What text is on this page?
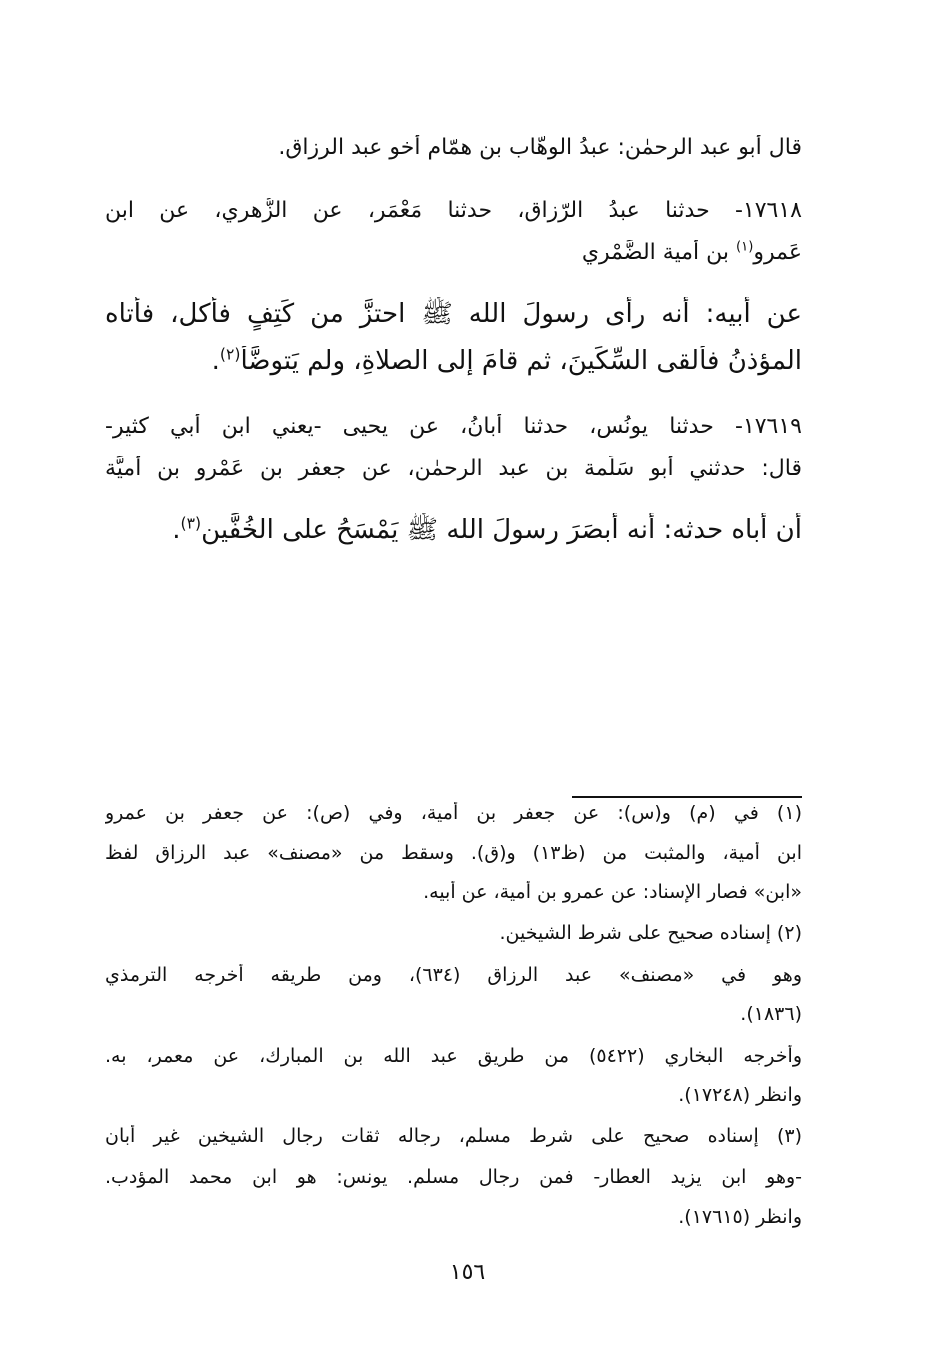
قال أبو عبد الرحمٰن: عبدُ الوهّاب بن همّام أخو عبد الرزاق.
١٧٦١٨- حدثنا عبدُ الرّزاق، حدثنا مَعْمَر، عن الزُّهري، عن ابن
عَمرو$^{(١)}$ بن أُمية الضَّمْري
عن أبيه: أنه رأى رسولَ الله ﷺ احتزَّ من كَتِفٍ فأكل، فأتاه
المؤذنُ فألقى السِّكِّينَ، ثم قامَ إلى الصلاةِ، ولم يَتوضَّأْ$^{(٢)}$.
١٧٦١٩- حدثنا يونُس، حدثنا أَبانُ، عن يحيى -يعني ابن أبي كثيرٍ-
قال: حدثني أبو سَلَمة بن عبد الرحمٰن، عن جعفر بن عَمْرو بن أُميَّة
أن أباه حدثه: أنه أَبصَرَ رسولَ الله ﷺ يَمْسَحُ على الخُفَّين$^{(٣)}$.
(١) في (م) و(س): عن جعفر بن أمية، وفي (ص): عن جعفر بن عمرو
ابن أمية، والمثبت من (ظ١٣) و(ق). وسقط من «مصنف» عبد الرزاق لفظ
«ابن» فصار الإسناد: عن عمرو بن أمية، عن أبيه.
(٢) إسناده صحيح على شرط الشيخين.
وهو في «مصنف» عبد الرزاق (٦٣٤)، ومن طريقه أخرجه الترمذي
(١٨٣٦).
وأخرجه البخاري (٥٤٢٢) من طريق عبد الله بن المبارك، عن معمر، به.
وانظر (١٧٢٤٨).
(٣) إسناده صحيح على شرط مسلم، رجاله ثقات رجال الشيخين غير أبان
-وهو ابن يزيد العطار- فمن رجال مسلم. يونس: هو ابن محمد المؤدب.
وانظر (١٧٦١٥).
١٥٦
